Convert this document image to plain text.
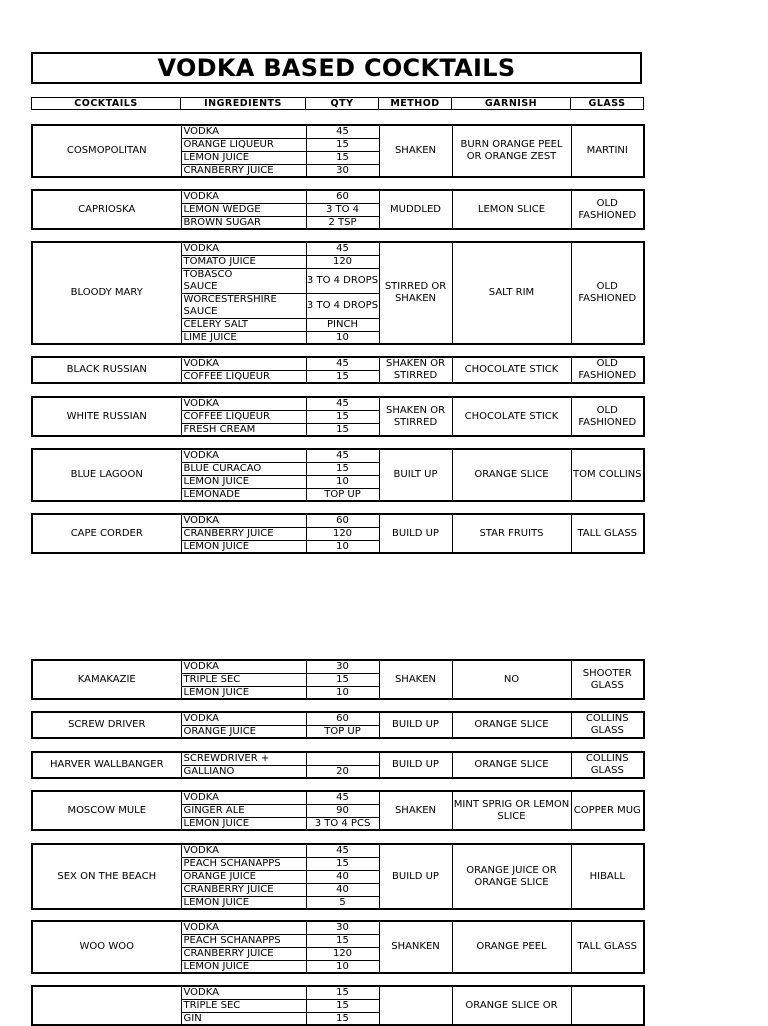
VODKA BASED COCKTAILS
COCKTAILS	INGREDIENTS	QTY	METHOD	GARNISH	GLASS
COSMOPOLITAN	VODKA	45	SHAKEN	BURN ORANGE PEEL OR ORANGE ZEST	MARTINI
	ORANGE LIQUEUR	15			
	LEMON JUICE	15			
	CRANBERRY JUICE	30			
CAPRIOSKA	VODKA	60	MUDDLED	LEMON SLICE	OLD FASHIONED
	LEMON WEDGE	3 TO 4			
	BROWN SUGAR	2 TSP			
BLOODY MARY	VODKA	45	STIRRED OR SHAKEN	SALT RIM	OLD FASHIONED
	TOMATO JUICE	120			
	TOBASCO SAUCE	3 TO 4 DROPS			
	WORCESTERSHIRE SAUCE	3 TO 4 DROPS			
	CELERY SALT	PINCH			
	LIME JUICE	10			
BLACK RUSSIAN	VODKA	45	SHAKEN OR STIRRED	CHOCOLATE STICK	OLD FASHIONED
	COFFEE LIQUEUR	15			
WHITE RUSSIAN	VODKA	45	SHAKEN OR STIRRED	CHOCOLATE STICK	OLD FASHIONED
	COFFEE LIQUEUR	15			
	FRESH CREAM	15			
BLUE LAGOON	VODKA	45	BUILT UP	ORANGE SLICE	TOM COLLINS
	BLUE CURACAO	15			
	LEMON JUICE	10			
	LEMONADE	TOP UP			
CAPE CORDER	VODKA	60	BUILD UP	STAR FRUITS	TALL GLASS
	CRANBERRY JUICE	120			
	LEMON JUICE	10			
KAMAKAZIE	VODKA	30	SHAKEN	NO	SHOOTER GLASS
	TRIPLE SEC	15			
	LEMON JUICE	10			
SCREW DRIVER	VODKA	60	BUILD UP	ORANGE SLICE	COLLINS GLASS
	ORANGE JUICE	TOP UP			
HARVER WALLBANGER	SCREWDRIVER +		BUILD UP	ORANGE SLICE	COLLINS GLASS
	GALLIANO	20			
MOSCOW MULE	VODKA	45	SHAKEN	MINT SPRIG OR LEMON SLICE	COPPER MUG
	GINGER ALE	90			
	LEMON JUICE	3 TO 4 PCS			
SEX ON THE BEACH	VODKA	45	BUILD UP	ORANGE JUICE OR ORANGE SLICE	HIBALL
	PEACH SCHANAPPS	15			
	ORANGE JUICE	40			
	CRANBERRY JUICE	40			
	LEMON JUICE	5			
WOO WOO	VODKA	30	SHANKEN	ORANGE PEEL	TALL GLASS
	PEACH SCHANAPPS	15			
	CRANBERRY JUICE	120			
	LEMON JUICE	10			
	VODKA	15		ORANGE SLICE OR	
	TRIPLE SEC	15			
	GIN	15			
